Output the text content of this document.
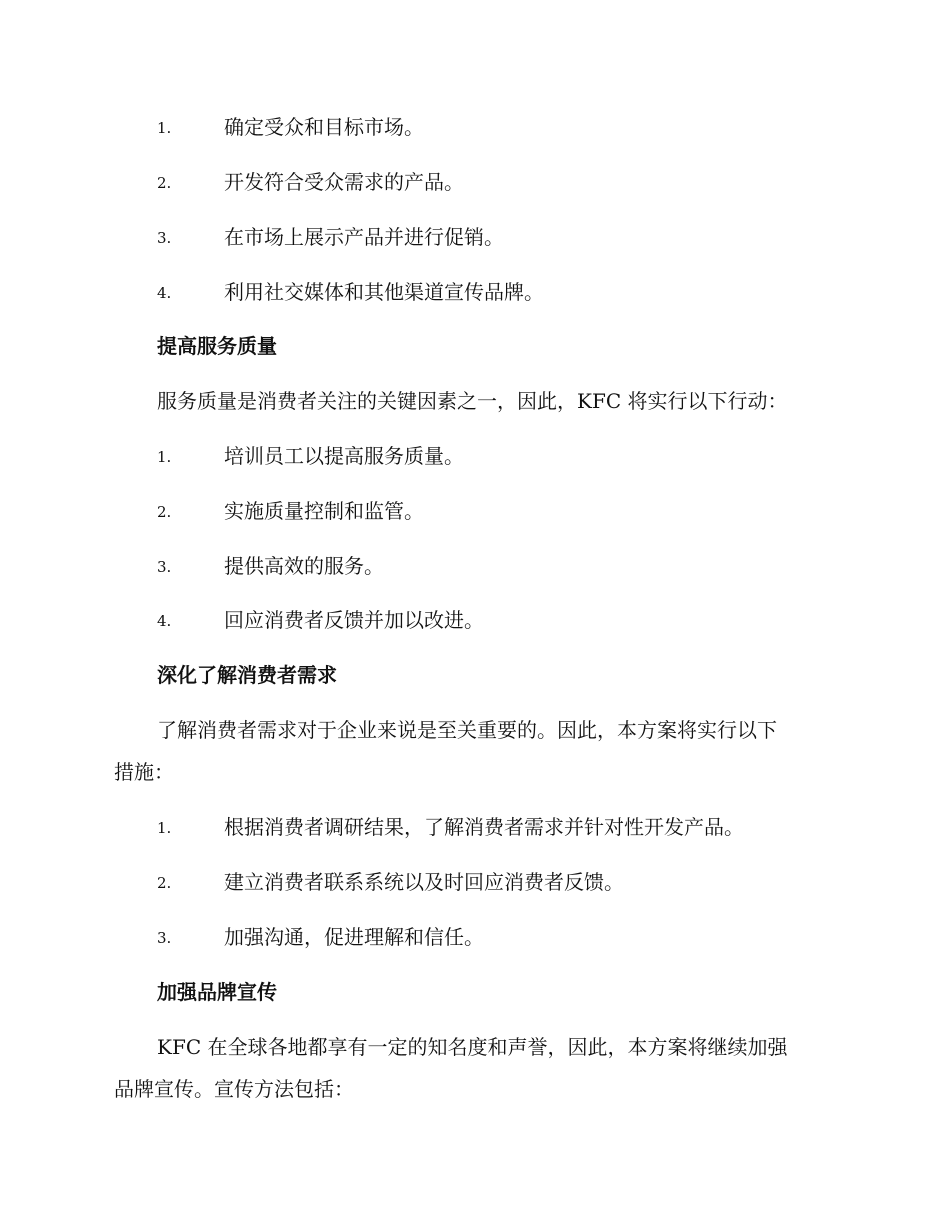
1.	确定受众和目标市场。
2.	开发符合受众需求的产品。
3.	在市场上展示产品并进行促销。
4.	利用社交媒体和其他渠道宣传品牌。
提高服务质量
服务质量是消费者关注的关键因素之一，因此，KFC 将实行以下行动：
1.	培训员工以提高服务质量。
2.	实施质量控制和监管。
3.	提供高效的服务。
4.	回应消费者反馈并加以改进。
深化了解消费者需求
了解消费者需求对于企业来说是至关重要的。因此，本方案将实行以下
措施：
1.	根据消费者调研结果，了解消费者需求并针对性开发产品。
2.	建立消费者联系系统以及时回应消费者反馈。
3.	加强沟通，促进理解和信任。
加强品牌宣传
KFC 在全球各地都享有一定的知名度和声誉，因此，本方案将继续加强
品牌宣传。宣传方法包括：
